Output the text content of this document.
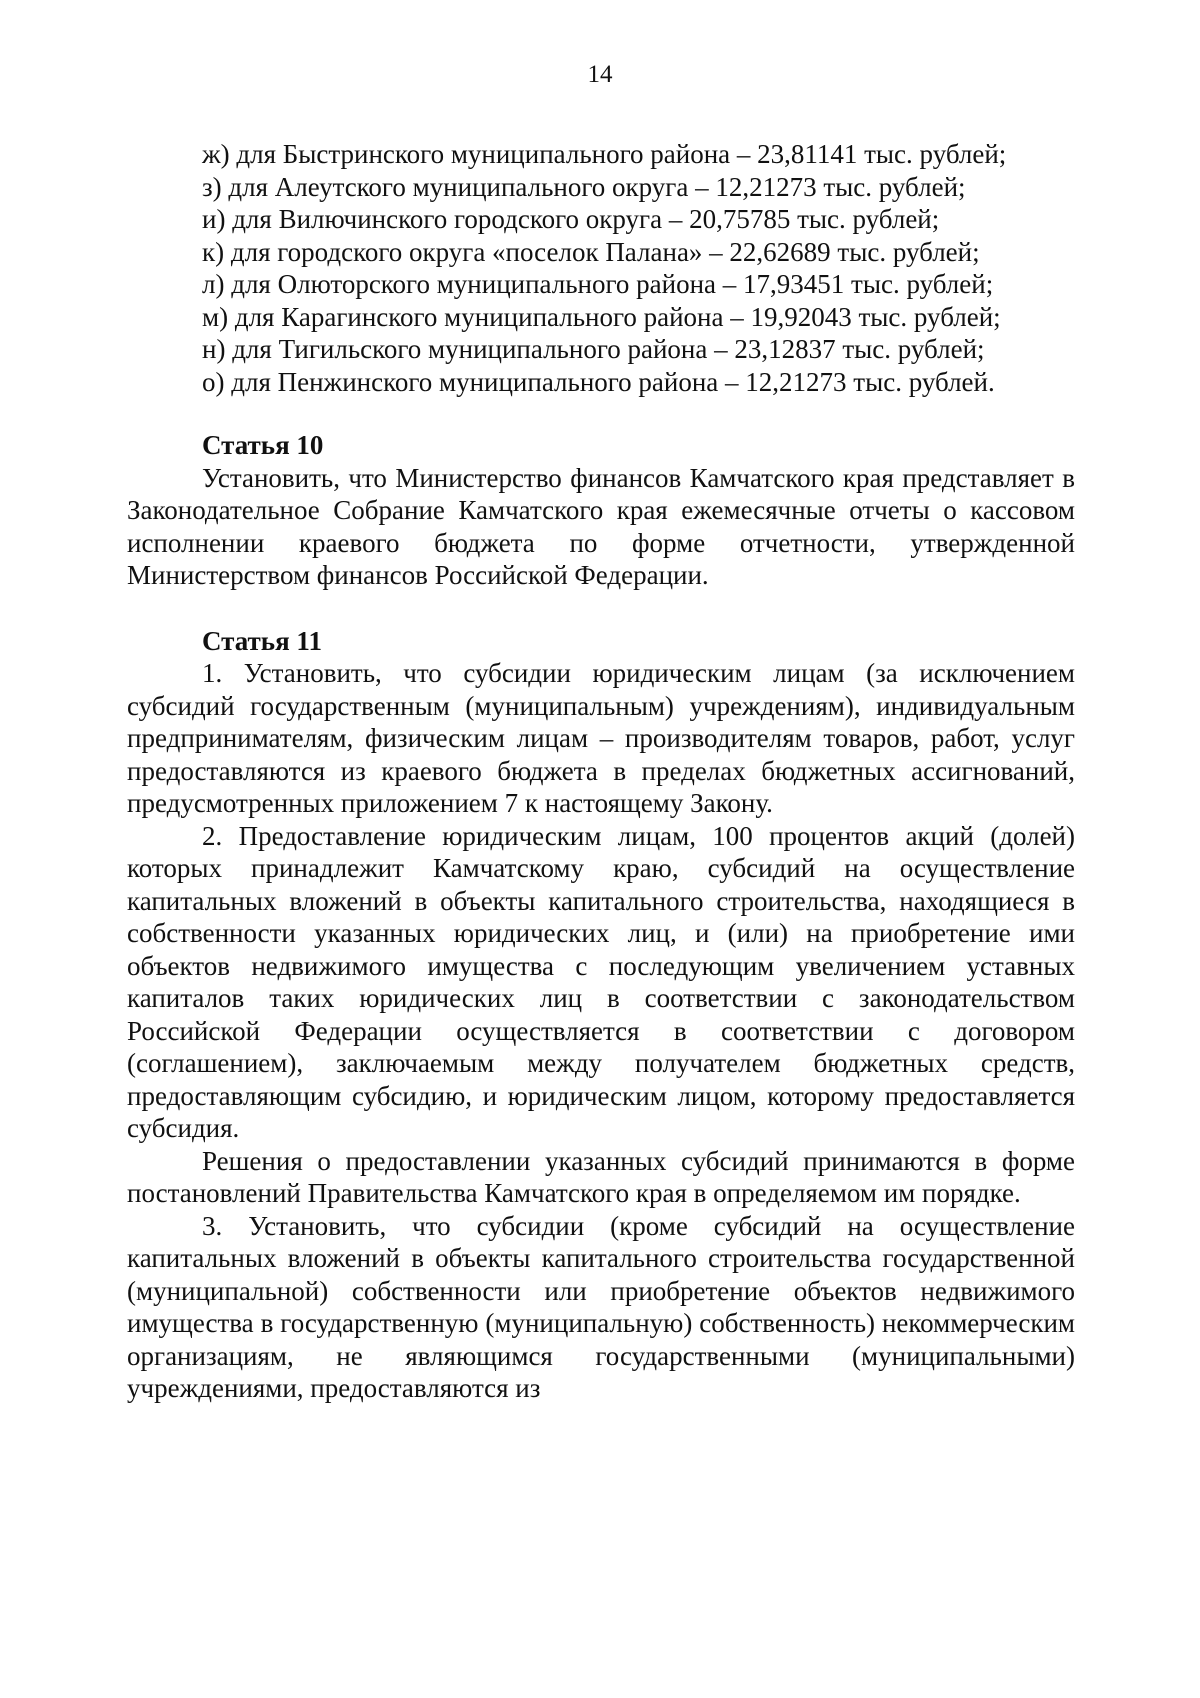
14
ж) для Быстринского муниципального района – 23,81141 тыс. рублей;
з) для Алеутского муниципального округа – 12,21273 тыс. рублей;
и) для Вилючинского городского округа – 20,75785 тыс. рублей;
к) для городского округа «поселок Палана» – 22,62689 тыс. рублей;
л) для Олюторского муниципального района – 17,93451 тыс. рублей;
м) для Карагинского муниципального района – 19,92043 тыс. рублей;
н) для Тигильского муниципального района – 23,12837 тыс. рублей;
о) для Пенжинского муниципального района – 12,21273 тыс. рублей.

Статья 10

Установить, что Министерство финансов Камчатского края представляет в Законодательное Собрание Камчатского края ежемесячные отчеты о кассовом исполнении краевого бюджета по форме отчетности, утвержденной Министерством финансов Российской Федерации.

Статья 11

1. Установить, что субсидии юридическим лицам (за исключением субсидий государственным (муниципальным) учреждениям), индивидуальным предпринимателям, физическим лицам – производителям товаров, работ, услуг предоставляются из краевого бюджета в пределах бюджетных ассигнований, предусмотренных приложением 7 к настоящему Закону.

2. Предоставление юридическим лицам, 100 процентов акций (долей) которых принадлежит Камчатскому краю, субсидий на осуществление капитальных вложений в объекты капитального строительства, находящиеся в собственности указанных юридических лиц, и (или) на приобретение ими объектов недвижимого имущества с последующим увеличением уставных капиталов таких юридических лиц в соответствии с законодательством Российской Федерации осуществляется в соответствии с договором (соглашением), заключаемым между получателем бюджетных средств, предоставляющим субсидию, и юридическим лицом, которому предоставляется субсидия.

Решения о предоставлении указанных субсидий принимаются в форме постановлений Правительства Камчатского края в определяемом им порядке.

3. Установить, что субсидии (кроме субсидий на осуществление капитальных вложений в объекты капитального строительства государственной (муниципальной) собственности или приобретение объектов недвижимого имущества в государственную (муниципальную) собственность) некоммерческим организациям, не являющимся государственными (муниципальными) учреждениями, предоставляются из
